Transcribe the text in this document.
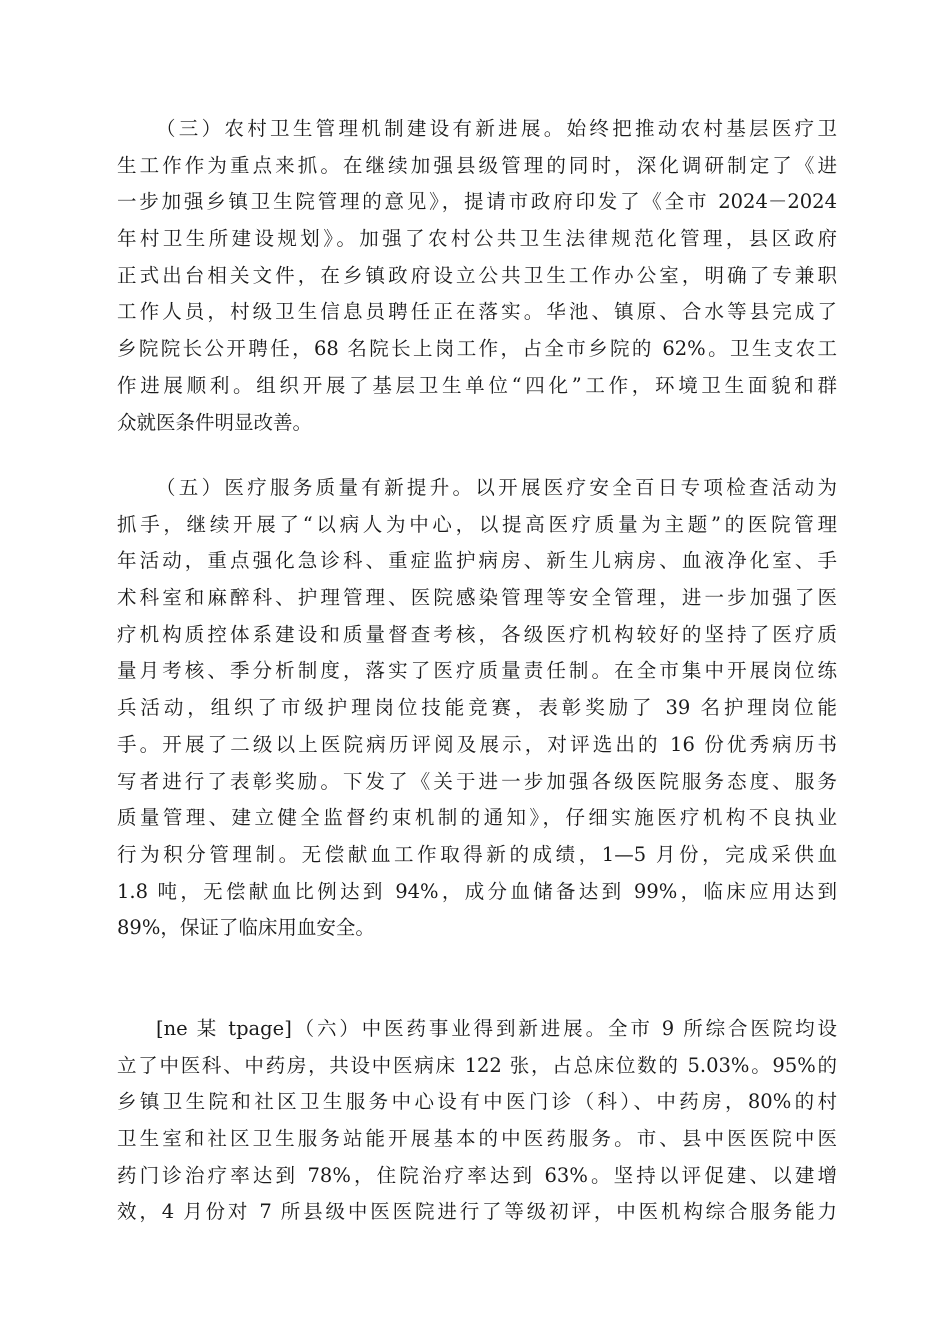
（三）农村卫生管理机制建设有新进展。始终把推动农村基层医疗卫
生工作作为重点来抓。在继续加强县级管理的同时，深化调研制定了《进
一步加强乡镇卫生院管理的意见》，提请市政府印发了《全市 2024－2024
年村卫生所建设规划》。加强了农村公共卫生法律规范化管理，县区政府
正式出台相关文件，在乡镇政府设立公共卫生工作办公室，明确了专兼职
工作人员，村级卫生信息员聘任正在落实。华池、镇原、合水等县完成了
乡院院长公开聘任，68 名院长上岗工作，占全市乡院的 62%。卫生支农工
作进展顺利。组织开展了基层卫生单位“四化”工作，环境卫生面貌和群
众就医条件明显改善。
（五）医疗服务质量有新提升。以开展医疗安全百日专项检查活动为
抓手，继续开展了“以病人为中心，以提高医疗质量为主题”的医院管理
年活动，重点强化急诊科、重症监护病房、新生儿病房、血液净化室、手
术科室和麻醉科、护理管理、医院感染管理等安全管理，进一步加强了医
疗机构质控体系建设和质量督查考核，各级医疗机构较好的坚持了医疗质
量月考核、季分析制度，落实了医疗质量责任制。在全市集中开展岗位练
兵活动，组织了市级护理岗位技能竞赛，表彰奖励了 39 名护理岗位能
手。开展了二级以上医院病历评阅及展示，对评选出的 16 份优秀病历书
写者进行了表彰奖励。下发了《关于进一步加强各级医院服务态度、服务
质量管理、建立健全监督约束机制的通知》，仔细实施医疗机构不良执业
行为积分管理制。无偿献血工作取得新的成绩，1—5 月份，完成采供血
1.8 吨，无偿献血比例达到 94%，成分血储备达到 99%，临床应用达到
89%，保证了临床用血安全。
[ne 某 tpage]（六）中医药事业得到新进展。全市 9 所综合医院均设
立了中医科、中药房，共设中医病床 122 张，占总床位数的 5.03%。95%的
乡镇卫生院和社区卫生服务中心设有中医门诊（科）、中药房，80%的村
卫生室和社区卫生服务站能开展基本的中医药服务。市、县中医医院中医
药门诊治疗率达到 78%，住院治疗率达到 63%。坚持以评促建、以建增
效，4 月份对 7 所县级中医医院进行了等级初评，中医机构综合服务能力
